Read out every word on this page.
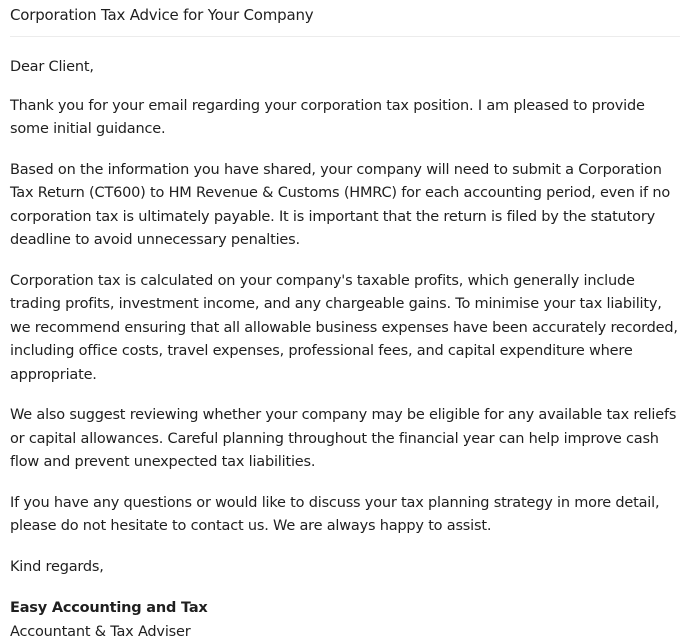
Corporation Tax Advice for Your Company

Dear Client,

Thank you for your email regarding your corporation tax position. I am pleased to provide some initial guidance.

Based on the information you have shared, your company will need to submit a Corporation Tax Return (CT600) to HM Revenue & Customs (HMRC) for each accounting period, even if no corporation tax is ultimately payable. It is important that the return is filed by the statutory deadline to avoid unnecessary penalties.

Corporation tax is calculated on your company's taxable profits, which generally include trading profits, investment income, and any chargeable gains. To minimise your tax liability, we recommend ensuring that all allowable business expenses have been accurately recorded, including office costs, travel expenses, professional fees, and capital expenditure where appropriate.

We also suggest reviewing whether your company may be eligible for any available tax reliefs or capital allowances. Careful planning throughout the financial year can help improve cash flow and prevent unexpected tax liabilities.

If you have any questions or would like to discuss your tax planning strategy in more detail, please do not hesitate to contact us. We are always happy to assist.

Kind regards,

Easy Accounting and Tax

Accountant & Tax Adviser
